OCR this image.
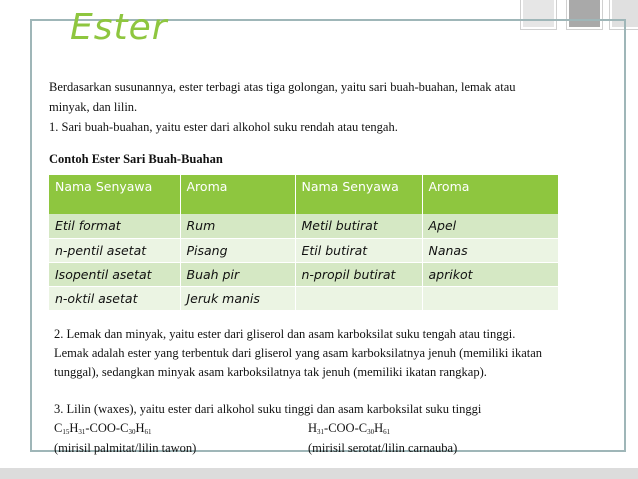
Ester
Berdasarkan susunannya, ester terbagi atas tiga golongan, yaitu sari buah-buahan, lemak atau
minyak, dan lilin.
1. Sari buah-buahan, yaitu ester dari alkohol suku rendah atau tengah.
Contoh Ester Sari Buah-Buahan
Nama Senyawa	Aroma	Nama Senyawa	Aroma
Etil format	Rum	Metil butirat	Apel
n-pentil asetat	Pisang	Etil butirat	Nanas
Isopentil asetat	Buah pir	n-propil butirat	aprikot
n-oktil asetat	Jeruk manis		
2. Lemak dan minyak, yaitu ester dari gliserol dan asam karboksilat suku tengah atau tinggi.
Lemak adalah ester yang terbentuk dari gliserol yang asam karboksilatnya jenuh (memiliki ikatan
tunggal), sedangkan minyak asam karboksilatnya tak jenuh (memiliki ikatan rangkap).
3. Lilin (waxes), yaitu ester dari alkohol suku tinggi dan asam karboksilat suku tinggi
$C_{15}H_{31}-COO-C_{30}H_{61}$	$H_{31}-COO-C_{30}H_{61}$
(mirisil palmitat/lilin tawon)	(mirisil serotat/lilin carnauba)
